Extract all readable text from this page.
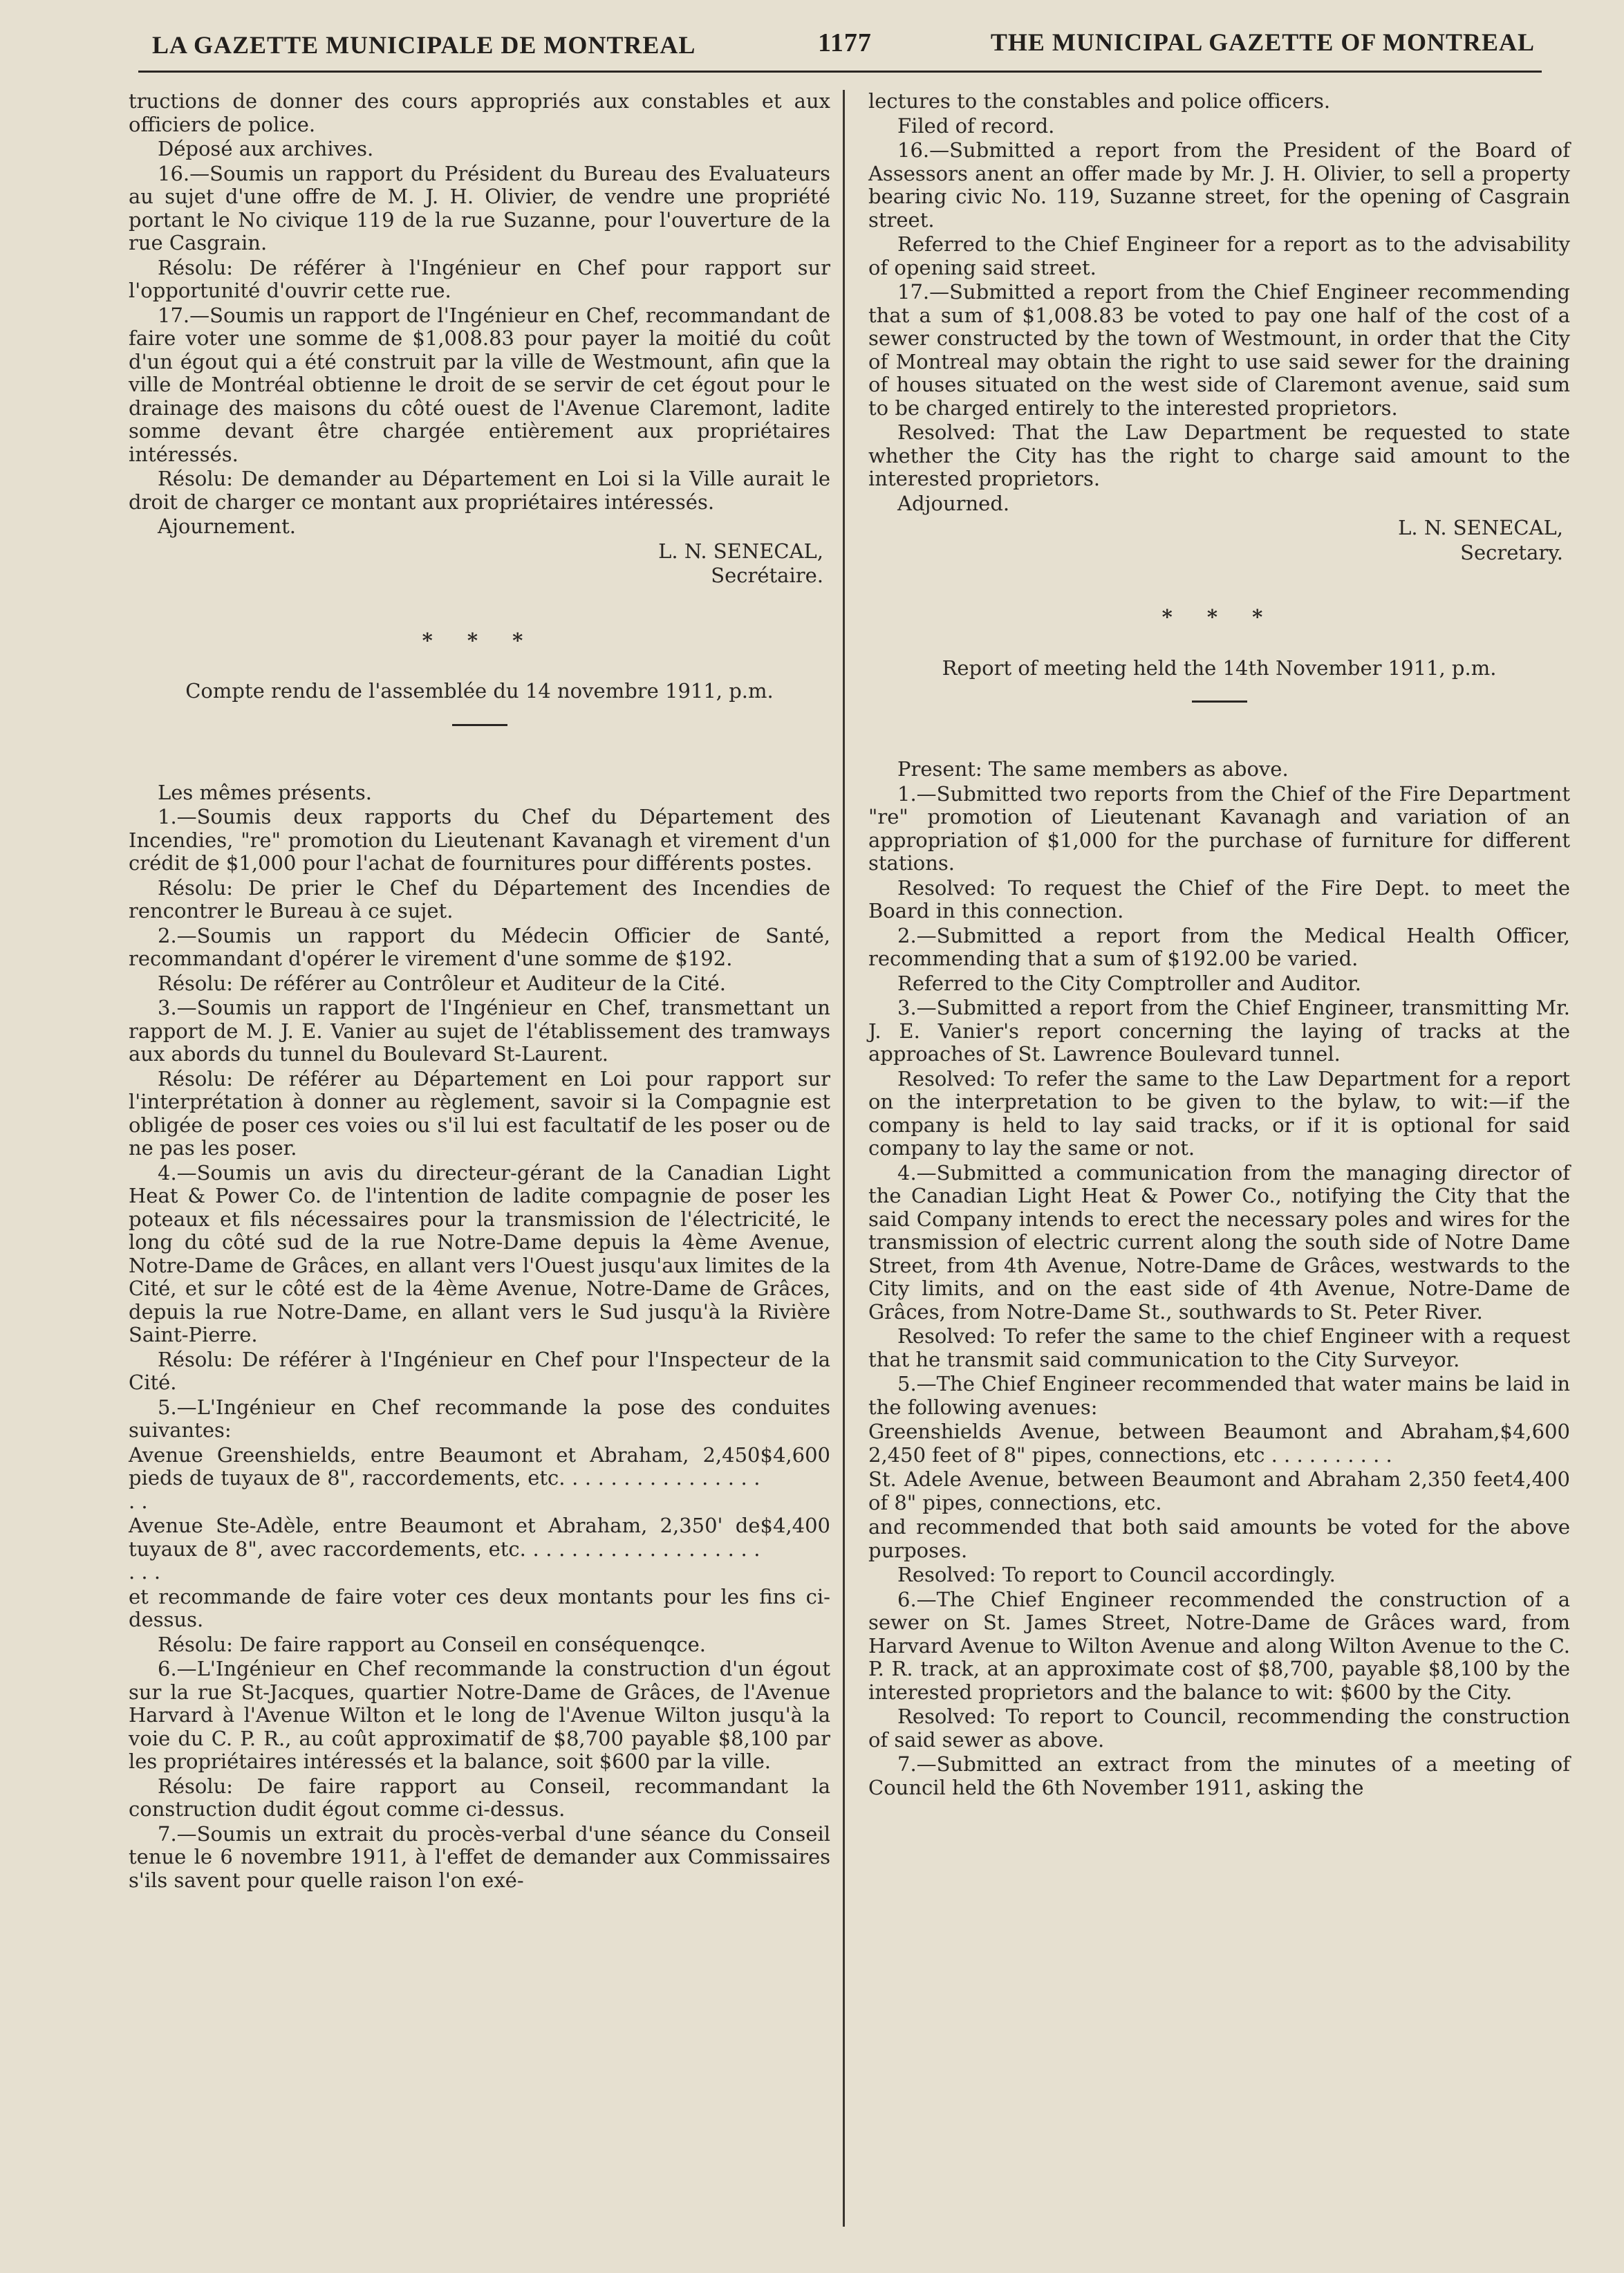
LA GAZETTE MUNICIPALE DE MONTREAL	1177	THE MUNICIPAL GAZETTE OF MONTREAL

tructions de donner des cours appropriés aux constables et aux officiers de police.

Déposé aux archives.

16.—Soumis un rapport du Président du Bureau des Evaluateurs au sujet d'une offre de M. J. H. Olivier, de vendre une propriété portant le No civique 119 de la rue Suzanne, pour l'ouverture de la rue Casgrain.

Résolu: De référer à l'Ingénieur en Chef pour rapport sur l'opportunité d'ouvrir cette rue.

17.—Soumis un rapport de l'Ingénieur en Chef, recommandant de faire voter une somme de $1,008.83 pour payer la moitié du coût d'un égout qui a été construit par la ville de Westmount, afin que la ville de Montréal obtienne le droit de se servir de cet égout pour le drainage des maisons du côté ouest de l'Avenue Claremont, ladite somme devant être chargée entièrement aux propriétaires intéressés.

Résolu: De demander au Département en Loi si la Ville aurait le droit de charger ce montant aux propriétaires intéressés.

Ajournement.

L. N. SENECAL,

Secrétaire.

* * *

Compte rendu de l'assemblée du 14 novembre 1911, p.m.

Les mêmes présents.

1.—Soumis deux rapports du Chef du Département des Incendies, "re" promotion du Lieutenant Kavanagh et virement d'un crédit de $1,000 pour l'achat de fournitures pour différents postes.

Résolu: De prier le Chef du Département des Incendies de rencontrer le Bureau à ce sujet.

2.—Soumis un rapport du Médecin Officier de Santé, recommandant d'opérer le virement d'une somme de $192.

Résolu: De référer au Contrôleur et Auditeur de la Cité.

3.—Soumis un rapport de l'Ingénieur en Chef, transmettant un rapport de M. J. E. Vanier au sujet de l'établissement des tramways aux abords du tunnel du Boulevard St-Laurent.

Résolu: De référer au Département en Loi pour rapport sur l'interprétation à donner au règlement, savoir si la Compagnie est obligée de poser ces voies ou s'il lui est facultatif de les poser ou de ne pas les poser.

4.—Soumis un avis du directeur-gérant de la Canadian Light Heat & Power Co. de l'intention de ladite compagnie de poser les poteaux et fils nécessaires pour la transmission de l'électricité, le long du côté sud de la rue Notre-Dame depuis la 4ème Avenue, Notre-Dame de Grâces, en allant vers l'Ouest jusqu'aux limites de la Cité, et sur le côté est de la 4ème Avenue, Notre-Dame de Grâces, depuis la rue Notre-Dame, en allant vers le Sud jusqu'à la Rivière Saint-Pierre.

Résolu: De référer à l'Ingénieur en Chef pour l'Inspecteur de la Cité.

5.—L'Ingénieur en Chef recommande la pose des conduites suivantes:

Avenue Greenshields, entre Beaumont et Abraham, 2,450 pieds de tuyaux de 8", raccordements, etc. . . . . . . . . . . . . . . . . .
$4,600

Avenue Ste-Adèle, entre Beaumont et Abraham, 2,350' de tuyaux de 8", avec raccordements, etc. . . . . . . . . . . . . . . . . . . . . .
$4,400

et recommande de faire voter ces deux montants pour les fins ci-dessus.

Résolu: De faire rapport au Conseil en conséquenqce.

6.—L'Ingénieur en Chef recommande la construction d'un égout sur la rue St-Jacques, quartier Notre-Dame de Grâces, de l'Avenue Harvard à l'Avenue Wilton et le long de l'Avenue Wilton jusqu'à la voie du C. P. R., au coût approximatif de $8,700 payable $8,100 par les propriétaires intéressés et la balance, soit $600 par la ville.

Résolu: De faire rapport au Conseil, recommandant la construction dudit égout comme ci-dessus.

7.—Soumis un extrait du procès-verbal d'une séance du Conseil tenue le 6 novembre 1911, à l'effet de demander aux Commissaires s'ils savent pour quelle raison l'on exé-

lectures to the constables and police officers.

Filed of record.

16.—Submitted a report from the President of the Board of Assessors anent an offer made by Mr. J. H. Olivier, to sell a property bearing civic No. 119, Suzanne street, for the opening of Casgrain street.

Referred to the Chief Engineer for a report as to the advisability of opening said street.

17.—Submitted a report from the Chief Engineer recommending that a sum of $1,008.83 be voted to pay one half of the cost of a sewer constructed by the town of Westmount, in order that the City of Montreal may obtain the right to use said sewer for the draining of houses situated on the west side of Claremont avenue, said sum to be charged entirely to the interested proprietors.

Resolved: That the Law Department be requested to state whether the City has the right to charge said amount to the interested proprietors.

Adjourned.

L. N. SENECAL,

Secretary.

* * *

Report of meeting held the 14th November 1911, p.m.

Present: The same members as above.

1.—Submitted two reports from the Chief of the Fire Department "re" promotion of Lieutenant Kavanagh and variation of an appropriation of $1,000 for the purchase of furniture for different stations.

Resolved: To request the Chief of the Fire Dept. to meet the Board in this connection.

2.—Submitted a report from the Medical Health Officer, recommending that a sum of $192.00 be varied.

Referred to the City Comptroller and Auditor.

3.—Submitted a report from the Chief Engineer, transmitting Mr. J. E. Vanier's report concerning the laying of tracks at the approaches of St. Lawrence Boulevard tunnel.

Resolved: To refer the same to the Law Department for a report on the interpretation to be given to the bylaw, to wit:—if the company is held to lay said tracks, or if it is optional for said company to lay the same or not.

4.—Submitted a communication from the managing director of the Canadian Light Heat & Power Co., notifying the City that the said Company intends to erect the necessary poles and wires for the transmission of electric current along the south side of Notre Dame Street, from 4th Avenue, Notre-Dame de Grâces, westwards to the City limits, and on the east side of 4th Avenue, Notre-Dame de Grâces, from Notre-Dame St., southwards to St. Peter River.

Resolved: To refer the same to the chief Engineer with a request that he transmit said communication to the City Surveyor.

5.—The Chief Engineer recommended that water mains be laid in the following avenues:

Greenshields Avenue, between Beaumont and Abraham, 2,450 feet of 8" pipes, connections, etc . . . . . . . . . .
$4,600

St. Adele Avenue, between Beaumont and Abraham 2,350 feet of 8" pipes, connections, etc.
4,400

and recommended that both said amounts be voted for the above purposes.

Resolved: To report to Council accordingly.

6.—The Chief Engineer recommended the construction of a sewer on St. James Street, Notre-Dame de Grâces ward, from Harvard Avenue to Wilton Avenue and along Wilton Avenue to the C. P. R. track, at an approximate cost of $8,700, payable $8,100 by the interested proprietors and the balance to wit: $600 by the City.

Resolved: To report to Council, recommending the construction of said sewer as above.

7.—Submitted an extract from the minutes of a meeting of Council held the 6th November 1911, asking the
